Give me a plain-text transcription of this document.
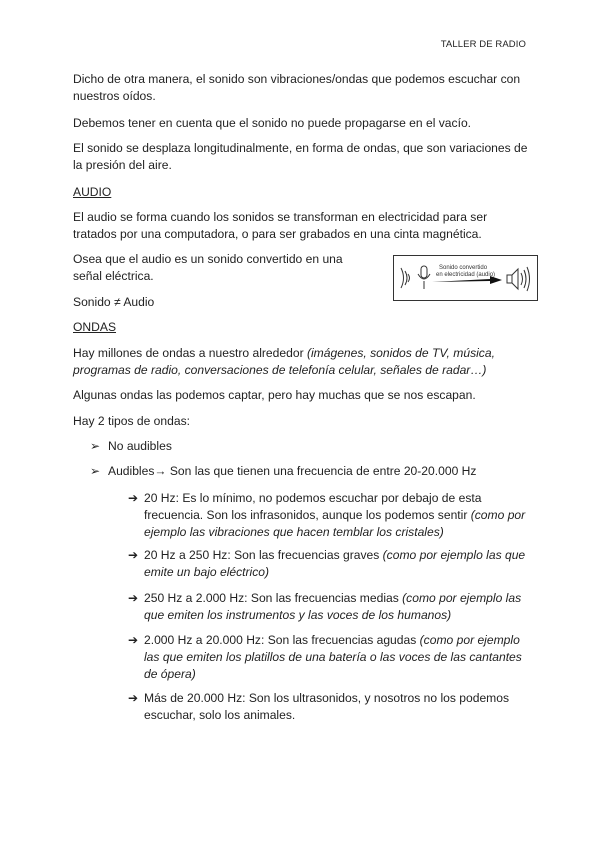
TALLER DE RADIO

Dicho de otra manera, el sonido son vibraciones/ondas que podemos escuchar con nuestros oídos.

Debemos tener en cuenta que el sonido no puede propagarse en el vacío.

El sonido se desplaza longitudinalmente, en forma de ondas, que son variaciones de la presión del aire.

AUDIO

El audio se forma cuando los sonidos se transforman en electricidad para ser tratados por una computadora, o para ser grabados en una cinta magnética.

Osea que el audio es un sonido convertido en una señal eléctrica.

Sonido convertido
en electricidad (audio)

Sonido ≠ Audio

ONDAS

Hay millones de ondas a nuestro alrededor (imágenes, sonidos de TV, música, programas de radio, conversaciones de telefonía celular, señales de radar…)

Algunas ondas las podemos captar, pero hay muchas que se nos escapan.

Hay 2 tipos de ondas:

➢ No audibles
➢ Audibles→ Son las que tienen una frecuencia de entre 20-20.000 Hz
➔ 20 Hz: Es lo mínimo, no podemos escuchar por debajo de esta frecuencia. Son los infrasonidos, aunque los podemos sentir (como por ejemplo las vibraciones que hacen temblar los cristales)
➔ 20 Hz a 250 Hz: Son las frecuencias graves (como por ejemplo las que emite un bajo eléctrico)
➔ 250 Hz a 2.000 Hz: Son las frecuencias medias (como por ejemplo las que emiten los instrumentos y las voces de los humanos)
➔ 2.000 Hz a 20.000 Hz: Son las frecuencias agudas (como por ejemplo las que emiten los platillos de una batería o las voces de las cantantes de ópera)
➔ Más de 20.000 Hz: Son los ultrasonidos, y nosotros no los podemos escuchar, solo los animales.
